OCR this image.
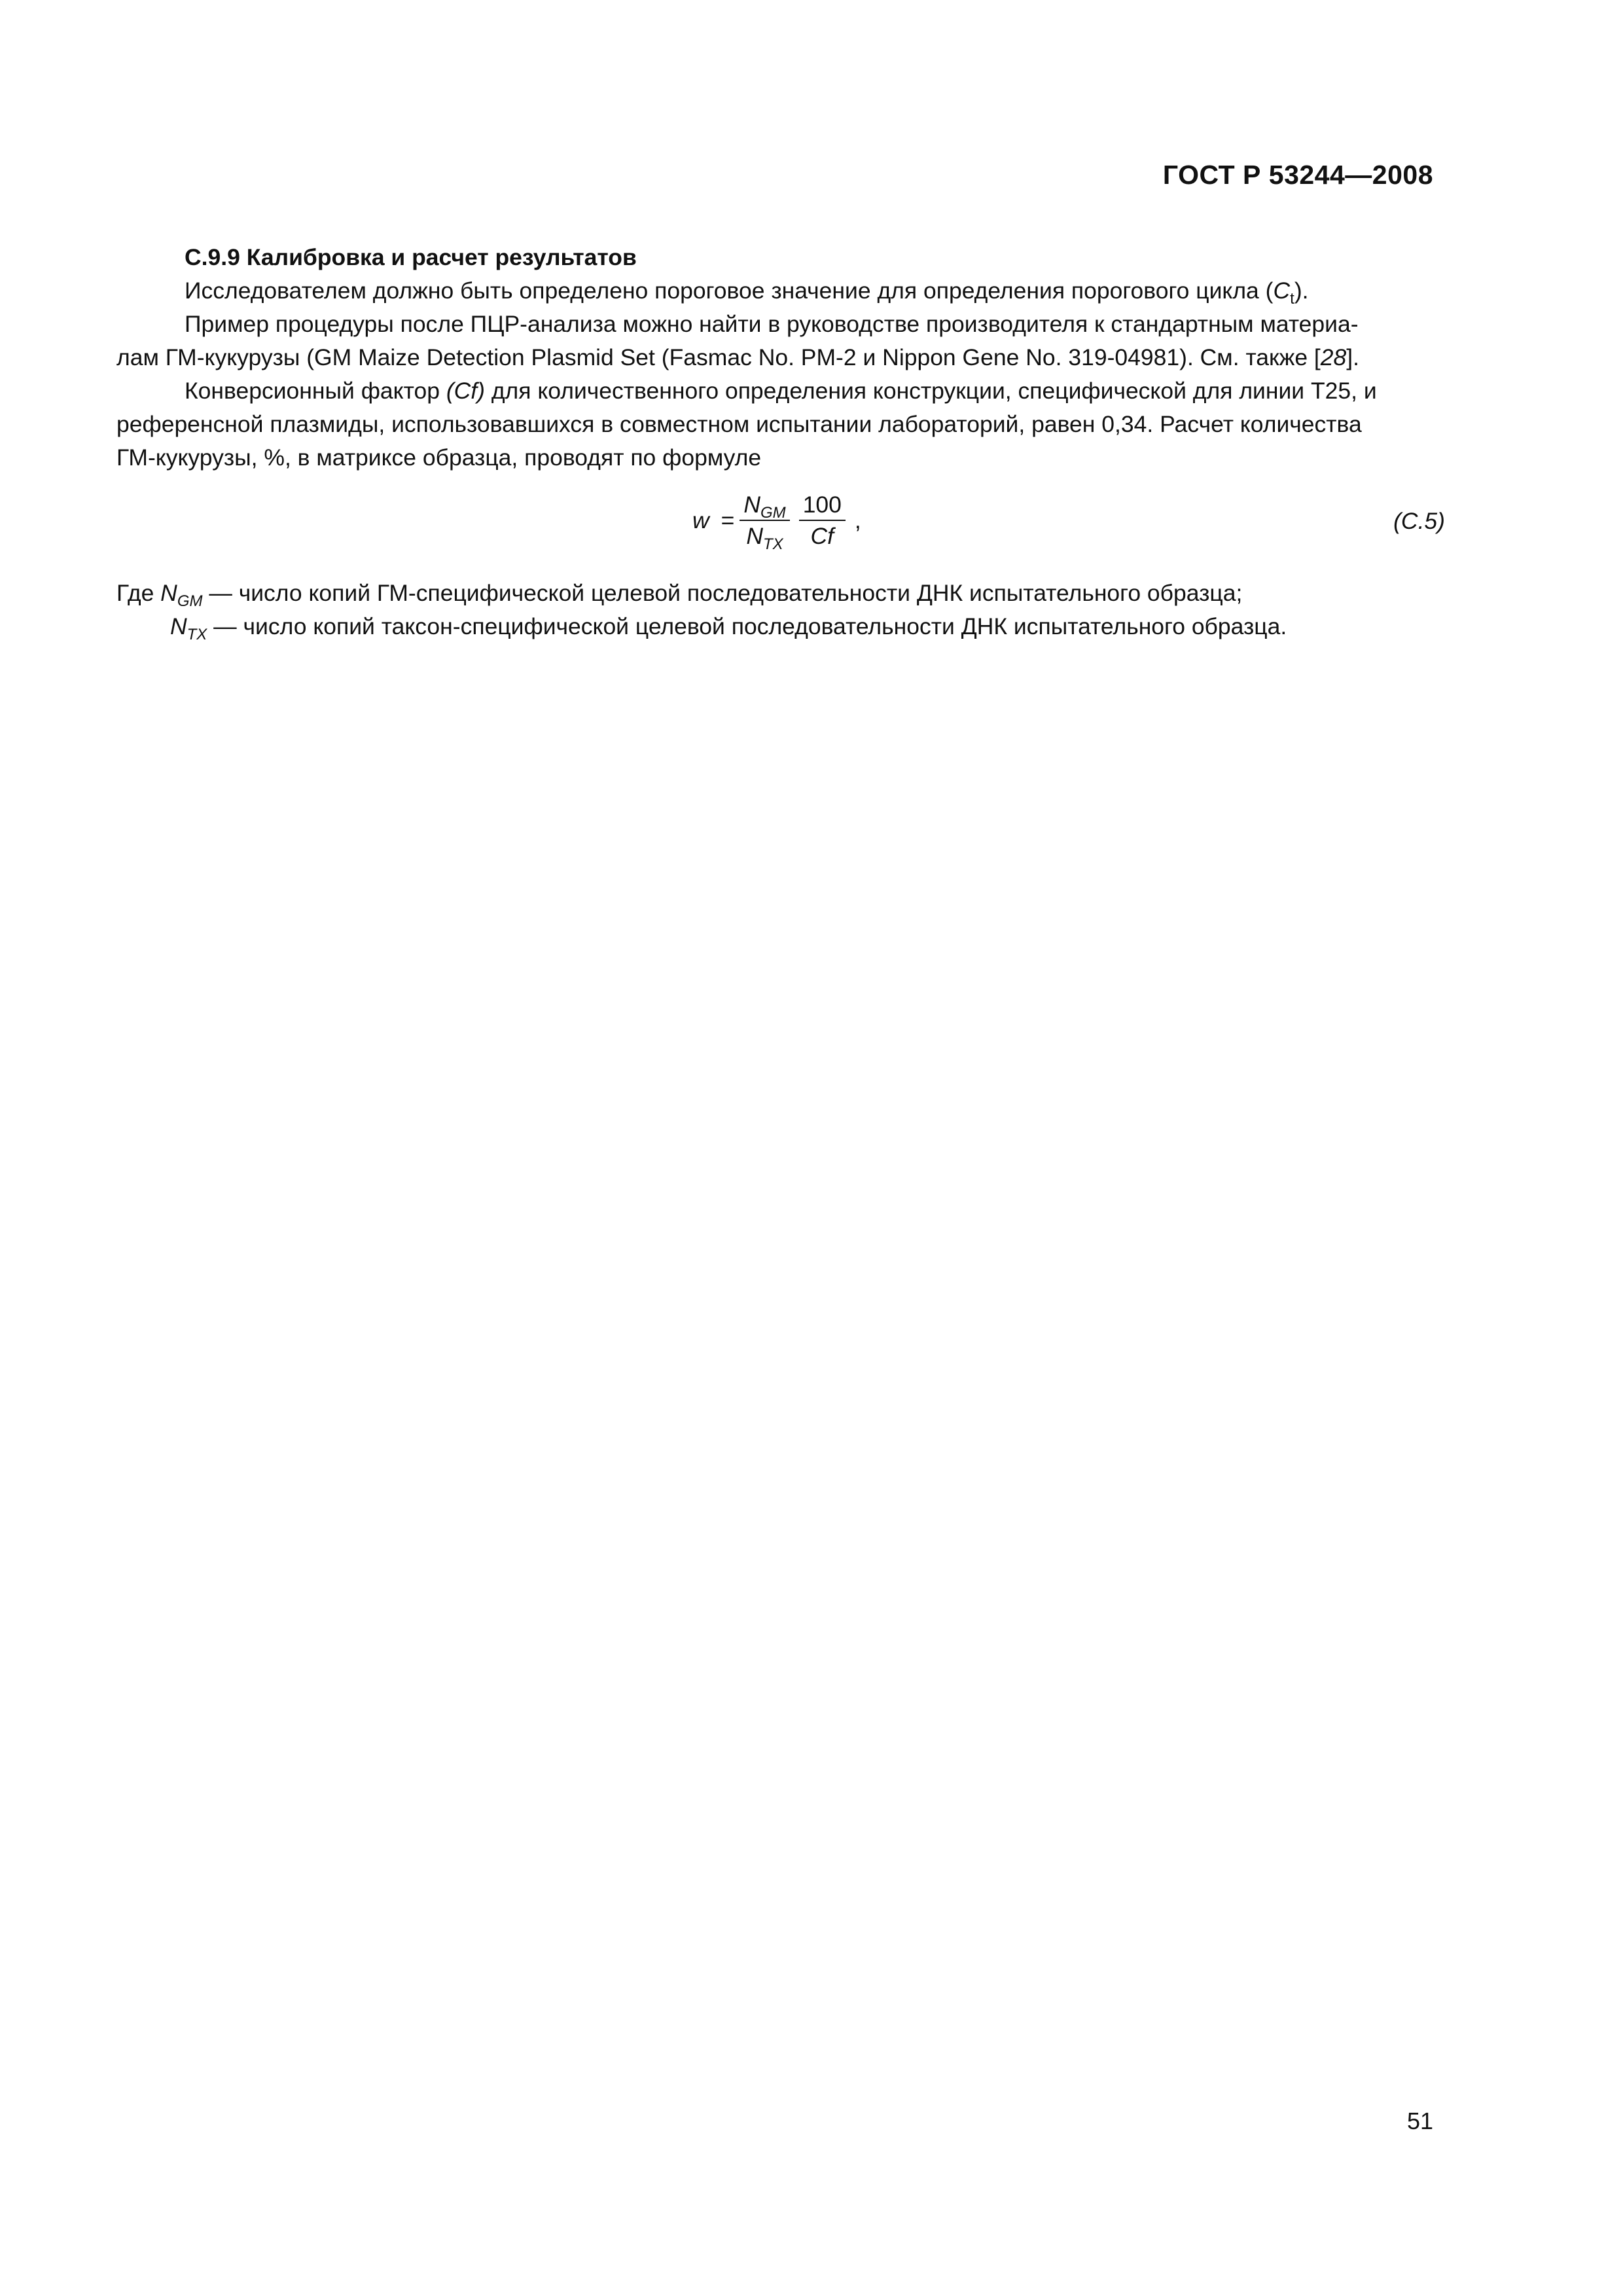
ГОСТ Р 53244—2008

C.9.9 Калибровка и расчет результатов

Исследователем должно быть определено пороговое значение для определения порогового цикла $(C_t)$.

Пример процедуры после ПЦР-анализа можно найти в руководстве производителя к стандартным материа-

лам ГМ-кукурузы (GM Maize Detection Plasmid Set (Fasmac No. PM-2 и Nippon Gene No. 319-04981). См. также [28].

Конверсионный фактор (Cf) для количественного определения конструкции, специфической для линии T25, и

референсной плазмиды, использовавшихся в совместном испытании лабораторий, равен 0,34. Расчет количества

ГМ-кукурузы, %, в матриксе образца, проводят по формуле

$w = \frac{N_{GM}}{N_{TX}} \frac{100}{Cf}$ ,	(C.5)

Где $N_{GM}$ — число копий ГМ-специфической целевой последовательности ДНК испытательного образца;

$N_{TX}$ — число копий таксон-специфической целевой последовательности ДНК испытательного образца.

51
